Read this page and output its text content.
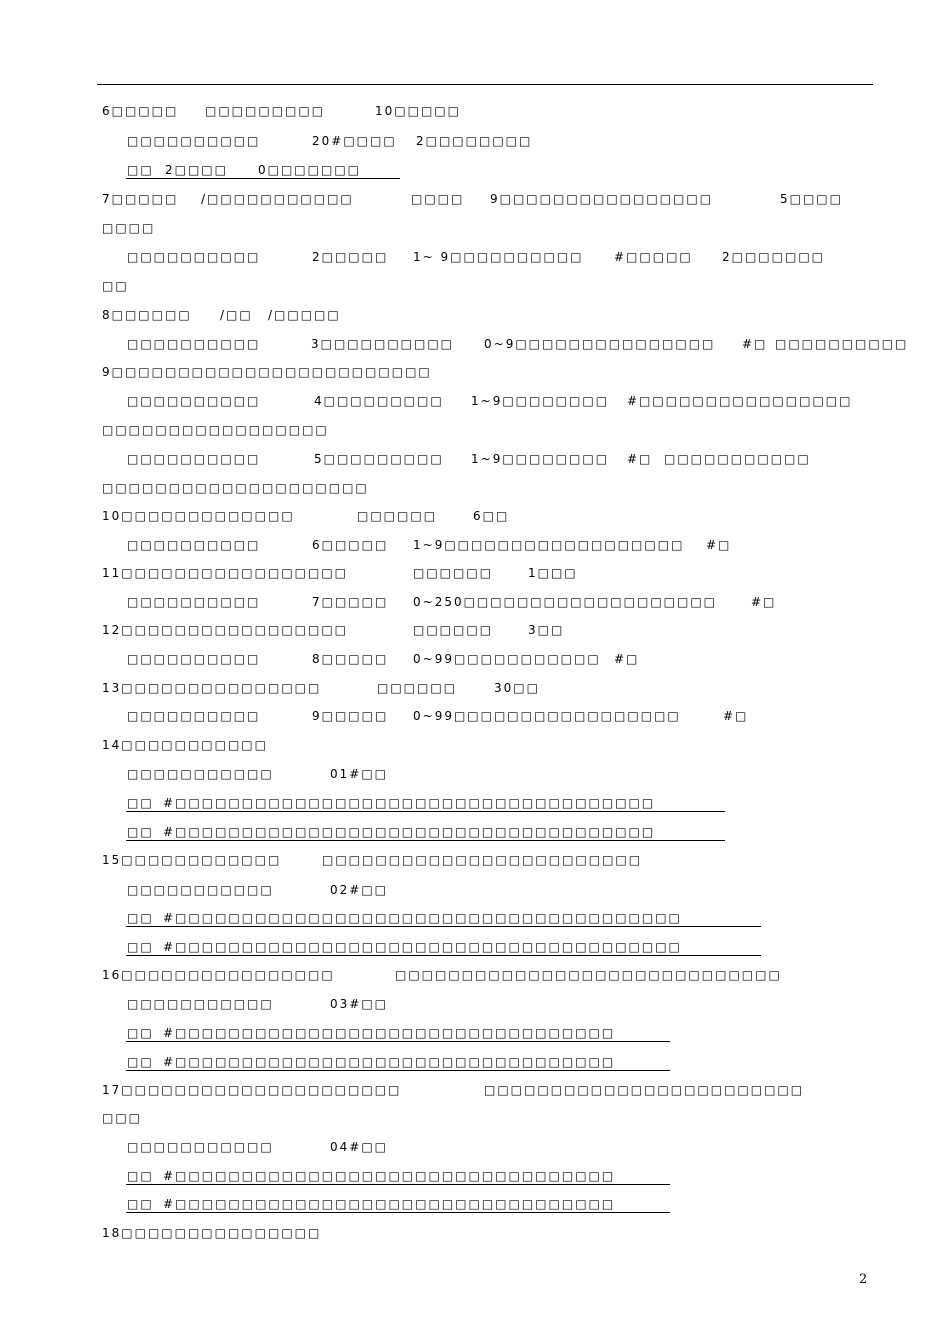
6□□□□□ □□□□□□□□□	10□□□□□
□□□□□□□□□□	20#□□□□ 2□□□□□□□□
□□ 2□□□□	0□□□□□□□
7□□□□□ /□□□□□□□□□□□	□□□□ 9□□□□□□□□□□□□□□□□	5□□□□
□□□□
□□□□□□□□□□	2□□□□□ 1~ 9□□□□□□□□□□	#□□□□□ 2□□□□□□□
□□
8□□□□□□ /□□ /□□□□□
□□□□□□□□□□	3□□□□□□□□□□ 0~9□□□□□□□□□□□□□□□ #□ □□□□□□□□□□
9□□□□□□□□□□□□□□□□□□□□□□□□
□□□□□□□□□□	4□□□□□□□□□ 1~9□□□□□□□□ #□□□□□□□□□□□□□□□□
□□□□□□□□□□□□□□□□□
□□□□□□□□□□	5□□□□□□□□□ 1~9□□□□□□□□ #□ □□□□□□□□□□□
□□□□□□□□□□□□□□□□□□□□
10□□□□□□□□□□□□□	□□□□□□	6□□
□□□□□□□□□□	6□□□□□ 1~9□□□□□□□□□□□□□□□□□□ #□
11□□□□□□□□□□□□□□□□□	□□□□□□	1□□□
□□□□□□□□□□	7□□□□□ 0~250□□□□□□□□□□□□□□□□□□□	#□
12□□□□□□□□□□□□□□□□□	□□□□□□	3□□
□□□□□□□□□□	8□□□□□ 0~99□□□□□□□□□□□ #□
13□□□□□□□□□□□□□□□	□□□□□□	30□□
□□□□□□□□□□	9□□□□□ 0~99□□□□□□□□□□□□□□□□□	#□
14□□□□□□□□□□□
□□□□□□□□□□□	01#□□
□□ #□□□□□□□□□□□□□□□□□□□□□□□□□□□□□□□□□□□□
□□ #□□□□□□□□□□□□□□□□□□□□□□□□□□□□□□□□□□□□
15□□□□□□□□□□□□	□□□□□□□□□□□□□□□□□□□□□□□□
□□□□□□□□□□□	02#□□
□□ #□□□□□□□□□□□□□□□□□□□□□□□□□□□□□□□□□□□□□□
□□ #□□□□□□□□□□□□□□□□□□□□□□□□□□□□□□□□□□□□□□
16□□□□□□□□□□□□□□□□	□□□□□□□□□□□□□□□□□□□□□□□□□□□□□
□□□□□□□□□□□	03#□□
□□ #□□□□□□□□□□□□□□□□□□□□□□□□□□□□□□□□□
□□ #□□□□□□□□□□□□□□□□□□□□□□□□□□□□□□□□□
17□□□□□□□□□□□□□□□□□□□□□	□□□□□□□□□□□□□□□□□□□□□□□□
□□□
□□□□□□□□□□□	04#□□
□□ #□□□□□□□□□□□□□□□□□□□□□□□□□□□□□□□□□
□□ #□□□□□□□□□□□□□□□□□□□□□□□□□□□□□□□□□
18□□□□□□□□□□□□□□□
2
